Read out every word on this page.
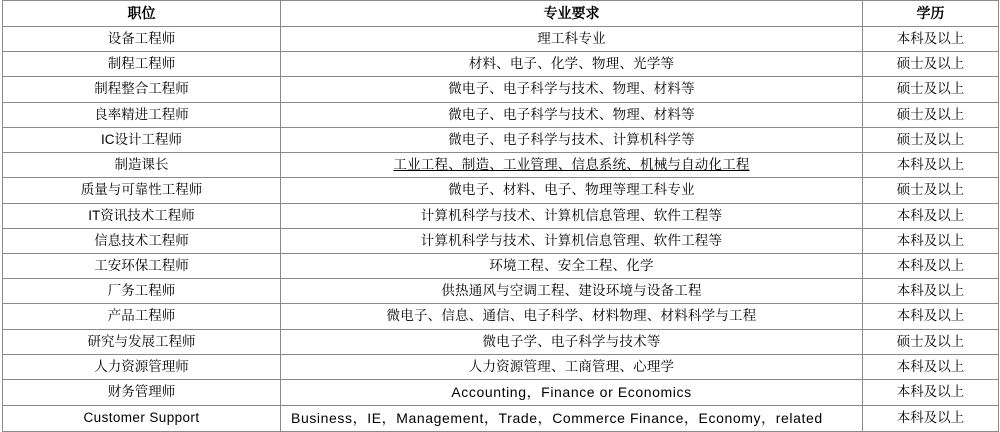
职位	专业要求	学历
设备工程师	理工科专业	本科及以上
制程工程师	材料、电子、化学、物理、光学等	硕士及以上
制程整合工程师	微电子、电子科学与技术、物理、材料等	硕士及以上
良率精进工程师	微电子、电子科学与技术、物理、材料等	硕士及以上
IC设计工程师	微电子、电子科学与技术、计算机科学等	硕士及以上
制造课长	工业工程、制造、工业管理、信息系统、机械与自动化工程	本科及以上
质量与可靠性工程师	微电子、材料、电子、物理等理工科专业	硕士及以上
IT资讯技术工程师	计算机科学与技术、计算机信息管理、软件工程等	本科及以上
信息技术工程师	计算机科学与技术、计算机信息管理、软件工程等	本科及以上
工安环保工程师	环境工程、安全工程、化学	本科及以上
厂务工程师	供热通风与空调工程、建设环境与设备工程	本科及以上
产品工程师	微电子、信息、通信、电子科学、材料物理、材料科学与工程	本科及以上
研究与发展工程师	微电子学、电子科学与技术等	硕士及以上
人力资源管理师	人力资源管理、工商管理、心理学	本科及以上
财务管理师	Accounting，Finance or Economics	本科及以上
Customer Support	Business，IE，Management，Trade，Commerce Finance，Economy，related	本科及以上
